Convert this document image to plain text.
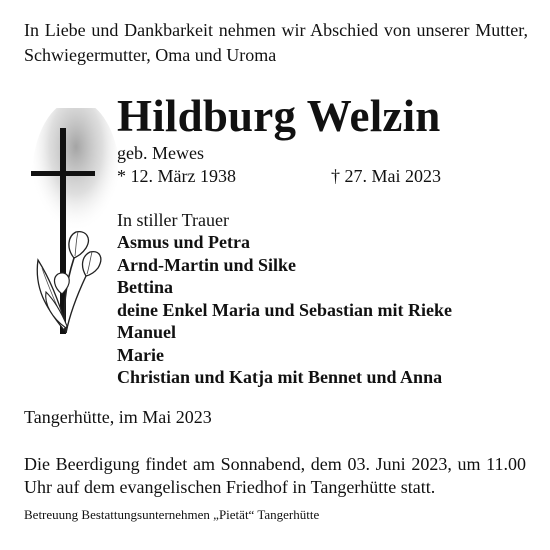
In Liebe und Dankbarkeit nehmen wir Abschied von unserer Mutter, Schwiegermutter, Oma und Uroma
Hildburg Welzin
geb. Mewes
* 12. März 1938	† 27. Mai 2023
In stiller Trauer
Asmus und Petra
Arnd-Martin und Silke
Bettina
deine Enkel Maria und Sebastian mit Rieke
Manuel
Marie
Christian und Katja mit Bennet und Anna
Tangerhütte, im Mai 2023
Die Beerdigung findet am Sonnabend, dem 03. Juni 2023, um 11.00 Uhr auf dem evangelischen Friedhof in Tangerhütte statt.
Betreuung Bestattungsunternehmen „Pietät“ Tangerhütte
